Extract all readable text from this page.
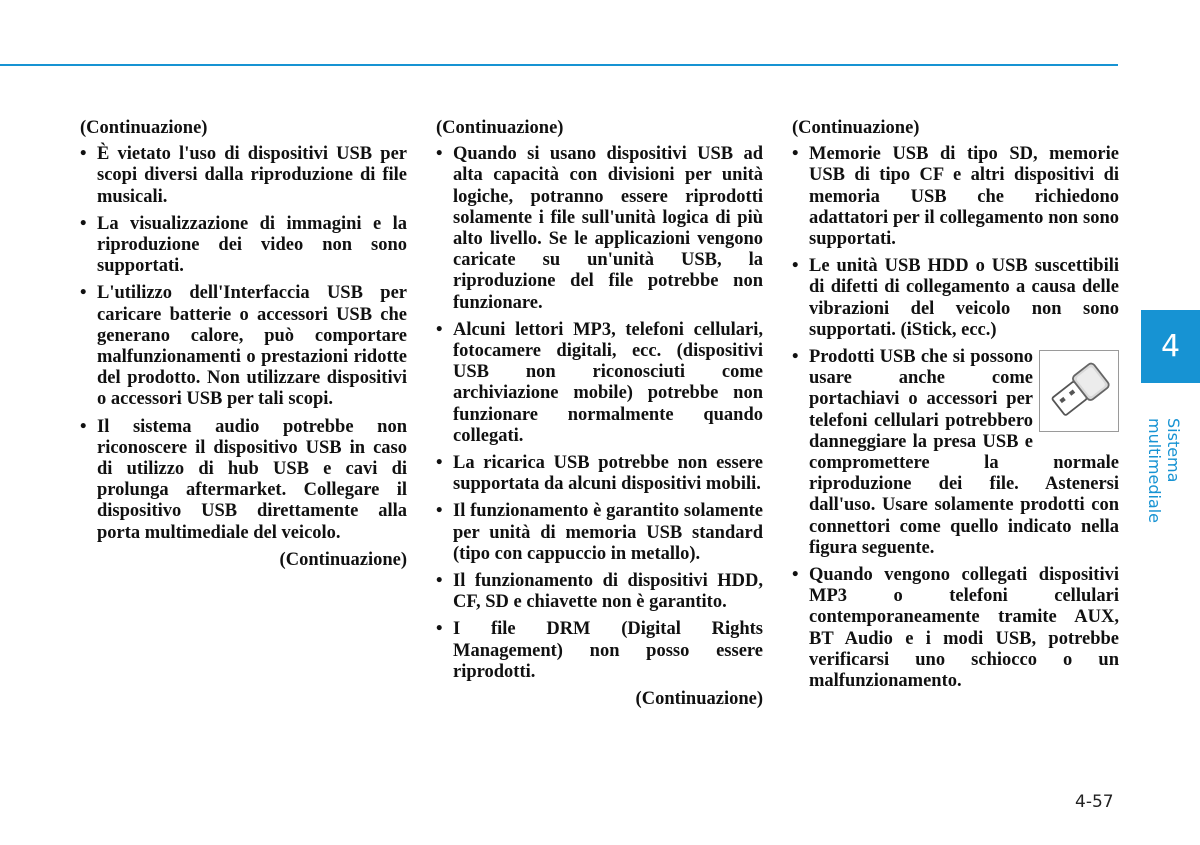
(Continuazione)
• È vietato l'uso di dispositivi USB per scopi diversi dalla riproduzione di file musicali.
• La visualizzazione di immagini e la riproduzione dei video non sono supportati.
• L'utilizzo dell'Interfaccia USB per caricare batterie o accessori USB che generano calore, può comportare malfunzionamenti o prestazioni ridotte del prodotto. Non utilizzare dispositivi o accessori USB per tali scopi.
• Il sistema audio potrebbe non riconoscere il dispositivo USB in caso di utilizzo di hub USB e cavi di prolunga aftermarket. Collegare il dispositivo USB direttamente alla porta multimediale del veicolo.
(Continuazione)
(Continuazione)
• Quando si usano dispositivi USB ad alta capacità con divisioni per unità logiche, potranno essere riprodotti solamente i file sull'unità logica di più alto livello. Se le applicazioni vengono caricate su un'unità USB, la riproduzione del file potrebbe non funzionare.
• Alcuni lettori MP3, telefoni cellulari, fotocamere digitali, ecc. (dispositivi USB non riconosciuti come archiviazione mobile) potrebbe non funzionare normalmente quando collegati.
• La ricarica USB potrebbe non essere supportata da alcuni dispositivi mobili.
• Il funzionamento è garantito solamente per unità di memoria USB standard (tipo con cappuccio in metallo).
• Il funzionamento di dispositivi HDD, CF, SD e chiavette non è garantito.
• I file DRM (Digital Rights Management) non posso essere riprodotti.
(Continuazione)
(Continuazione)
• Memorie USB di tipo SD, memorie USB di tipo CF e altri dispositivi di memoria USB che richiedono adattatori per il collegamento non sono supportati.
• Le unità USB HDD o USB suscettibili di difetti di collegamento a causa delle vibrazioni del veicolo non sono supportati. (iStick, ecc.)
• Prodotti USB che si possono usare anche come portachiavi o accessori per telefoni cellulari potrebbero danneggiare la presa USB e compromettere la normale riproduzione dei file. Astenersi dall'uso. Usare solamente prodotti con connettori come quello indicato nella figura seguente.
• Quando vengono collegati dispositivi MP3 o telefoni cellulari contemporaneamente tramite AUX, BT Audio e i modi USB, potrebbe verificarsi uno schiocco o un malfunzionamento.
4
Sistema multimediale
4-57
